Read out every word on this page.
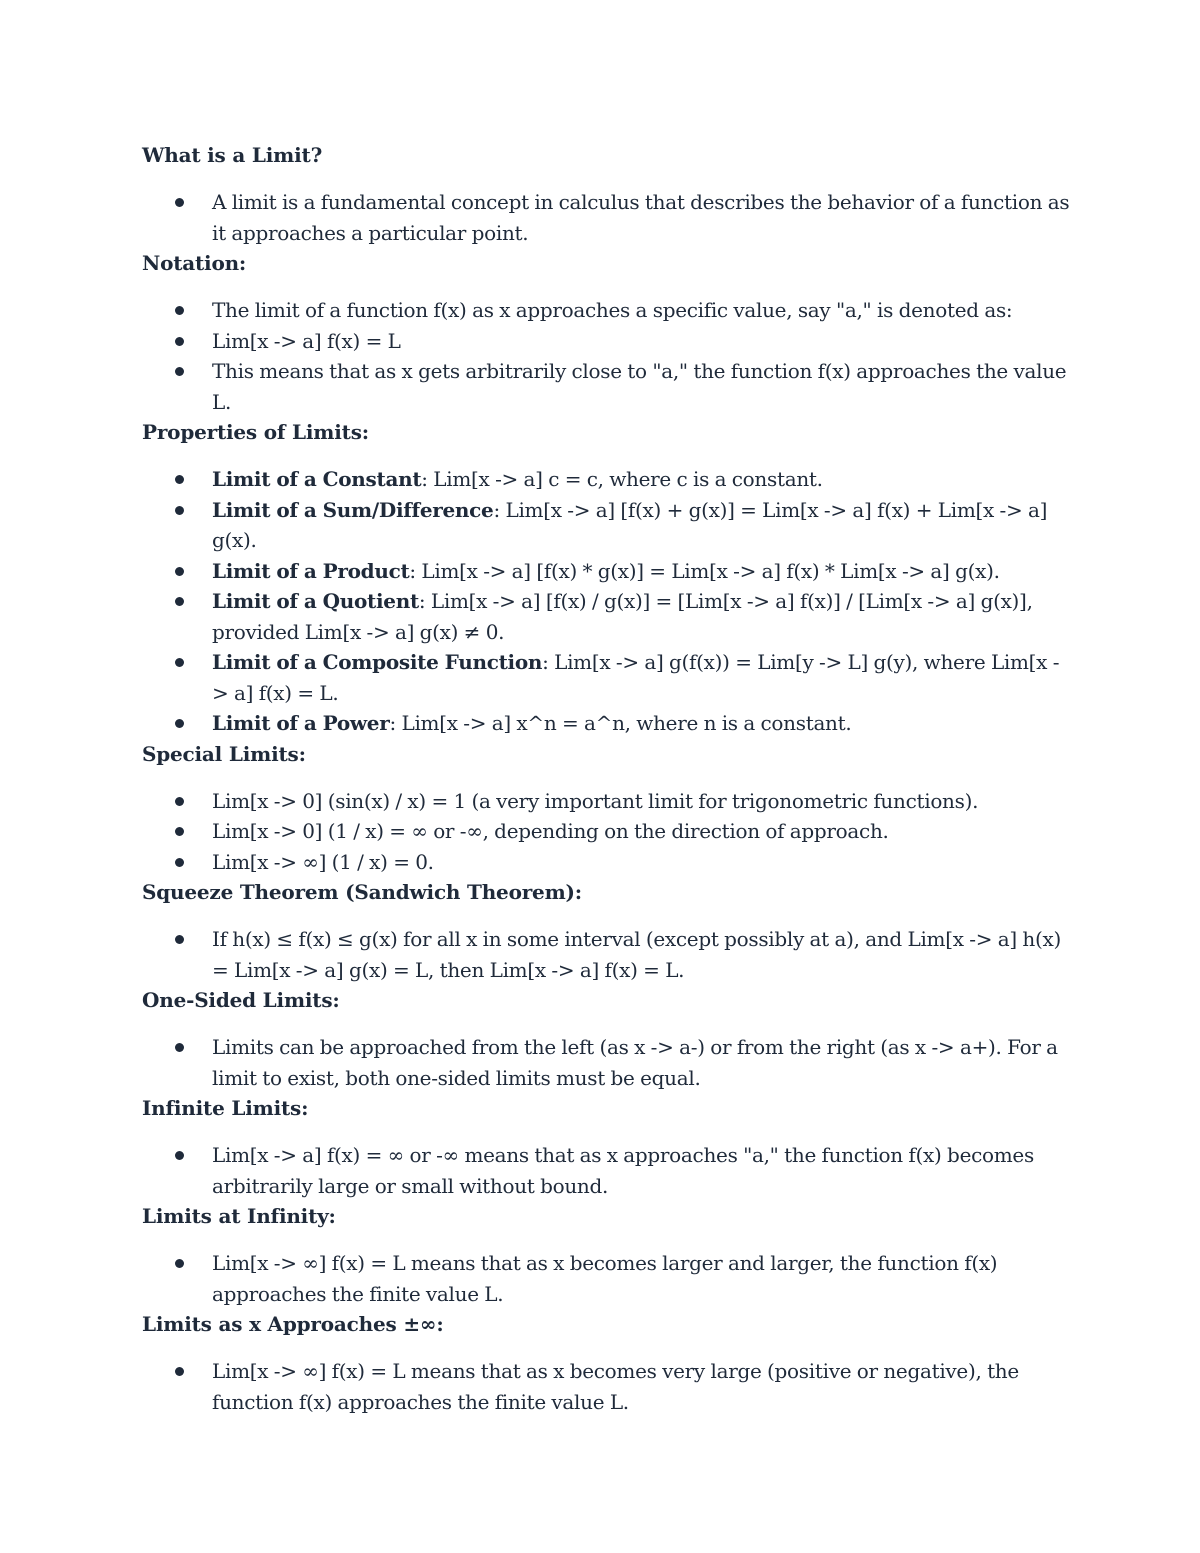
What is a Limit?

A limit is a fundamental concept in calculus that describes the behavior of a function as it approaches a particular point.

Notation:

The limit of a function f(x) as x approaches a specific value, say "a," is denoted as:
Lim[x -> a] f(x) = L
This means that as x gets arbitrarily close to "a," the function f(x) approaches the value L.

Properties of Limits:

Limit of a Constant: Lim[x -> a] c = c, where c is a constant.
Limit of a Sum/Difference: Lim[x -> a] [f(x) + g(x)] = Lim[x -> a] f(x) + Lim[x -> a] g(x).
Limit of a Product: Lim[x -> a] [f(x) * g(x)] = Lim[x -> a] f(x) * Lim[x -> a] g(x).
Limit of a Quotient: Lim[x -> a] [f(x) / g(x)] = [Lim[x -> a] f(x)] / [Lim[x -> a] g(x)], provided Lim[x -> a] g(x) ≠ 0.
Limit of a Composite Function: Lim[x -> a] g(f(x)) = Lim[y -> L] g(y), where Lim[x -> a] f(x) = L.
Limit of a Power: Lim[x -> a] x^n = a^n, where n is a constant.

Special Limits:

Lim[x -> 0] (sin(x) / x) = 1 (a very important limit for trigonometric functions).
Lim[x -> 0] (1 / x) = ∞ or -∞, depending on the direction of approach.
Lim[x -> ∞] (1 / x) = 0.

Squeeze Theorem (Sandwich Theorem):

If h(x) ≤ f(x) ≤ g(x) for all x in some interval (except possibly at a), and Lim[x -> a] h(x) = Lim[x -> a] g(x) = L, then Lim[x -> a] f(x) = L.

One-Sided Limits:

Limits can be approached from the left (as x -> a-) or from the right (as x -> a+). For a limit to exist, both one-sided limits must be equal.

Infinite Limits:

Lim[x -> a] f(x) = ∞ or -∞ means that as x approaches "a," the function f(x) becomes arbitrarily large or small without bound.

Limits at Infinity:

Lim[x -> ∞] f(x) = L means that as x becomes larger and larger, the function f(x) approaches the finite value L.

Limits as x Approaches ±∞:

Lim[x -> ∞] f(x) = L means that as x becomes very large (positive or negative), the function f(x) approaches the finite value L.
